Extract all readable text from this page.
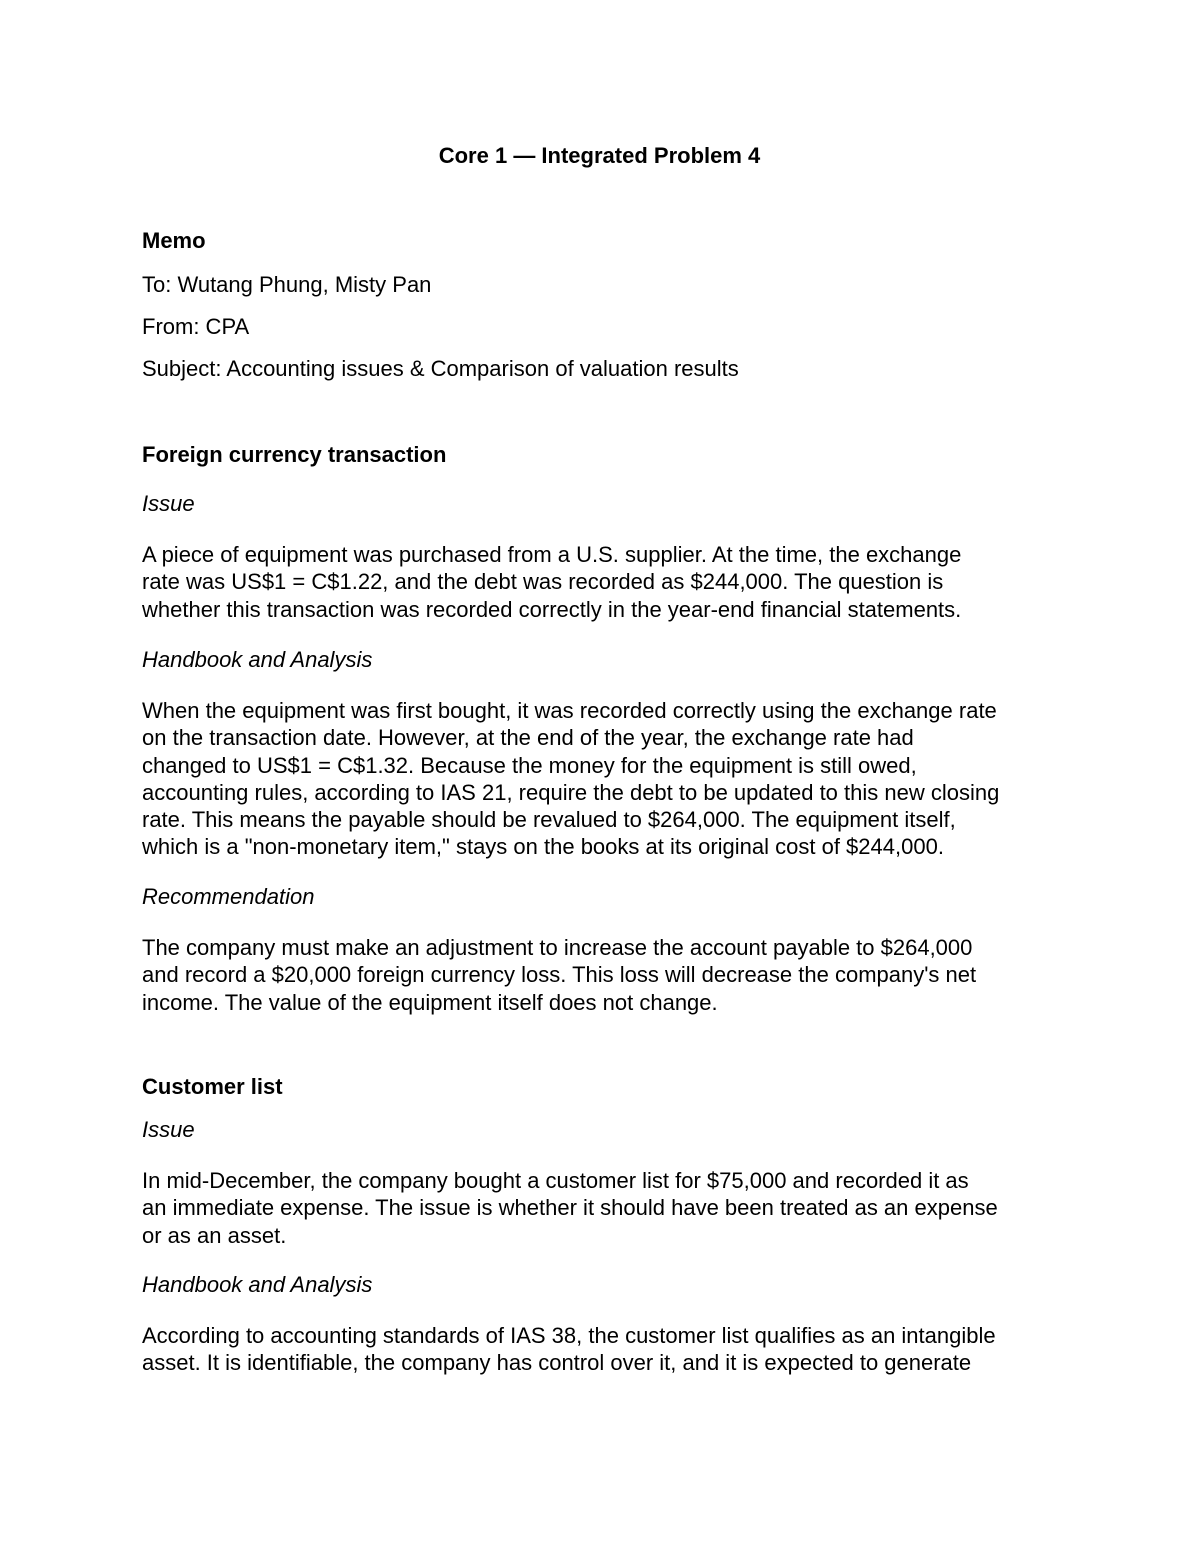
Core 1 — Integrated Problem 4
Memo
To: Wutang Phung, Misty Pan
From: CPA
Subject: Accounting issues & Comparison of valuation results
Foreign currency transaction
Issue
A piece of equipment was purchased from a U.S. supplier. At the time, the exchange
rate was US$1 = C$1.22, and the debt was recorded as $244,000. The question is
whether this transaction was recorded correctly in the year-end financial statements.
Handbook and Analysis
When the equipment was first bought, it was recorded correctly using the exchange rate
on the transaction date. However, at the end of the year, the exchange rate had
changed to US$1 = C$1.32. Because the money for the equipment is still owed,
accounting rules, according to IAS 21, require the debt to be updated to this new closing
rate. This means the payable should be revalued to $264,000. The equipment itself,
which is a "non-monetary item," stays on the books at its original cost of $244,000.
Recommendation
The company must make an adjustment to increase the account payable to $264,000
and record a $20,000 foreign currency loss. This loss will decrease the company's net
income. The value of the equipment itself does not change.
Customer list
Issue
In mid-December, the company bought a customer list for $75,000 and recorded it as
an immediate expense. The issue is whether it should have been treated as an expense
or as an asset.
Handbook and Analysis
According to accounting standards of IAS 38, the customer list qualifies as an intangible
asset. It is identifiable, the company has control over it, and it is expected to generate
